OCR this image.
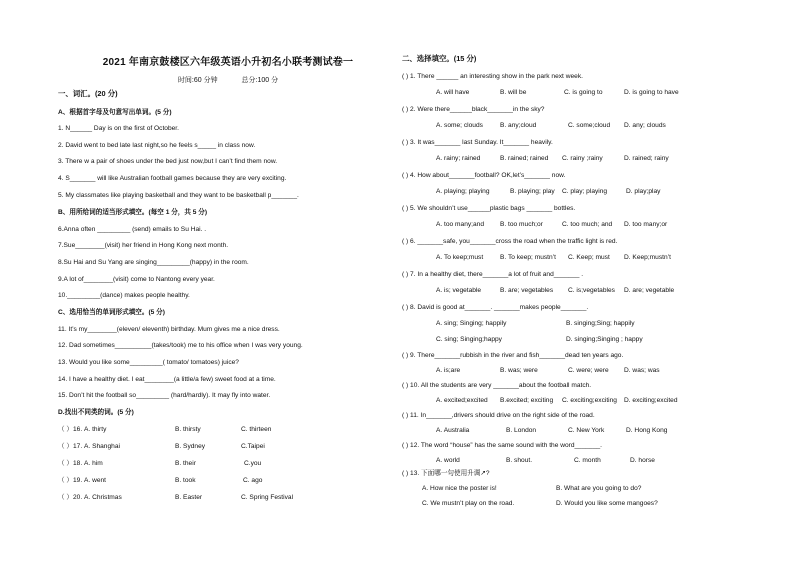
2021 年南京鼓楼区六年级英语小升初名小联考测试卷一
时间:60 分钟	总分:100 分
一、词汇。(20 分)
A、根据首字母及句意写出单词。(5 分)
1. N______ Day is on the first of October.
2. David went to bed late last night,so he feels s_____ in class now.
3. There w a pair of shoes under the bed just now,but I can’t find them now.
4. S_______ will like Australian football games because they are very exciting.
5. My classmates like playing basketball and they want to be basketball p_______.
B、用所给词的适当形式填空。(每空 1 分，共 5 分)
6.Anna often _________ (send) emails to Su Hai. .
7.Sue________(visit) her friend in Hong Kong next month.
8.Su Hai and Su Yang are singing_________(happy) in the room.
9.A lot of________(visit) come to Nantong every year.
10._________(dance) makes people healthy.
C、选用恰当的单词形式填空。(5 分)
11. It’s my________(eleven/ eleventh) birthday. Mum gives me a nice dress.
12. Dad sometimes__________(takes/took) me to his office when I was very young.
13. Would you like some_________( tomato/ tomatoes) juice?
14. I have a healthy diet. I eat________(a little/a few) sweet food at a time.
15. Don’t hit the football so_________ (hard/hardly). It may fly into water.
D.找出不同类的词。(5 分)
（ ）16. A. thirty	B. thirsty	C. thirteen
（ ）17. A. Shanghai	B. Sydney	C.Taipei
（ ）18. A. him	B. their	C.you
（ ）19. A. went	B. took	C. ago
（ ）20. A. Christmas	B. Easter	C. Spring Festival
二、选择填空。(15 分)
( ) 1. There ______ an interesting show in the park next week.
A. will have	B. will be	C. is going to	D. is going to have
( ) 2. Were there______black_______in the sky?
A. some; clouds	B. any;cloud	C. some;cloud D. any; clouds
( ) 3. It was_______ last Sunday. It_______ heavily.
A. rainy; rained	B. rained; rained C. rainy ;rainy	D. rained; rainy
( ) 4. How about_______football? OK,let’s_______ now.
A. playing; playing	B. playing; play C. play; playing	D. play;play
( ) 5. We shouldn’t use______plastic bags _______ bottles.
A. too many;and B. too much;or	C. too much; and D. too many;or
( ) 6. _______safe, you_______cross the road when the traffic light is red.
A. To keep;must	B. To keep; mustn’t C. Keep; must D. Keep;mustn’t
( ) 7. In a healthy diet, there_______a lot of fruit and_______ .
A. is; vegetable	B. are; vegetables C. is;vegetables D. are; vegetable
( ) 8. David is good at_______. _______makes people_______.
A. sing; Singing; happily	B. singing;Sing; happily
C. sing; Singing;happy	D. singing;Singing ; happy
( ) 9. There_______rubbish in the river and fish_______dead ten years ago.
A. is;are	B. was; were	C. were; were D. was; was
( ) 10. All the students are very _______about the football match.
A. excited;excited B.excited; exciting C. exciting;exciting D. exciting;excited
( ) 11. In_______,drivers should drive on the right side of the road.
A. Australia	B. London	C. New York	D. Hong Kong
( ) 12. The word “house” has the same sound with the word_______.
A. world	B. shout.	C. month	D. horse
( ) 13. 下面哪一句使用升调↗?
A. How nice the poster is!	B. What are you going to do?
C. We mustn’t play on the road.	D. Would you like some mangoes?
